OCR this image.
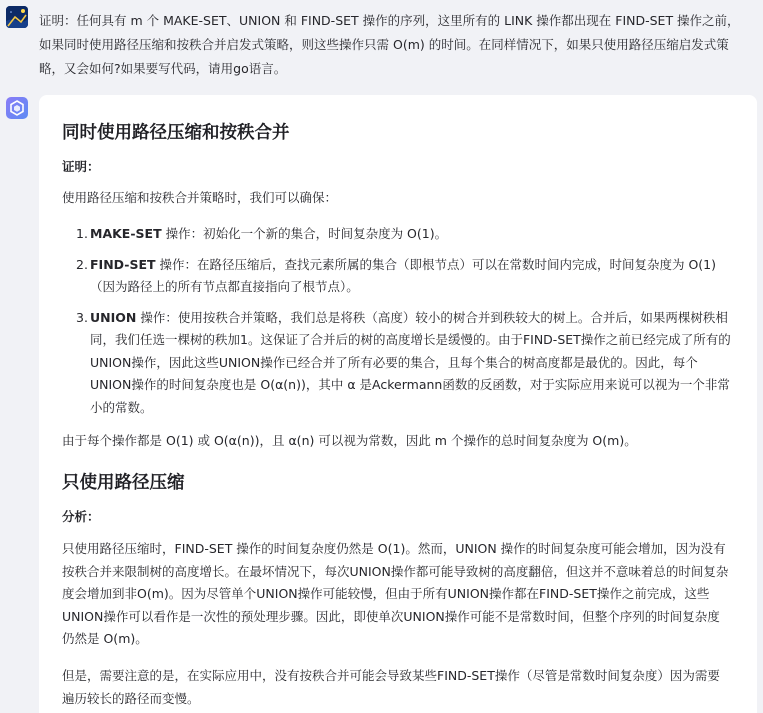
证明：任何具有 m 个 MAKE-SET、UNION 和 FIND-SET 操作的序列，这里所有的 LINK 操作都出现在 FIND-SET 操作之前，如果同时使用路径压缩和按秩合并启发式策略，则这些操作只需 O(m) 的时间。在同样情况下，如果只使用路径压缩启发式策略，又会如何?如果要写代码，请用go语言。
同时使用路径压缩和按秩合并
证明：
使用路径压缩和按秩合并策略时，我们可以确保：
1. MAKE-SET 操作：初始化一个新的集合，时间复杂度为 O(1)。
2. FIND-SET 操作：在路径压缩后，查找元素所属的集合（即根节点）可以在常数时间内完成，时间复杂度为 O(1)（因为路径上的所有节点都直接指向了根节点）。
3. UNION 操作：使用按秩合并策略，我们总是将秩（高度）较小的树合并到秩较大的树上。合并后，如果两棵树秩相同，我们任选一棵树的秩加1。这保证了合并后的树的高度增长是缓慢的。由于FIND-SET操作之前已经完成了所有的UNION操作，因此这些UNION操作已经合并了所有必要的集合，且每个集合的树高度都是最优的。因此，每个UNION操作的时间复杂度也是 O(α(n))，其中 α 是Ackermann函数的反函数，对于实际应用来说可以视为一个非常小的常数。
由于每个操作都是 O(1) 或 O(α(n))，且 α(n) 可以视为常数，因此 m 个操作的总时间复杂度为 O(m)。
只使用路径压缩
分析：
只使用路径压缩时，FIND-SET 操作的时间复杂度仍然是 O(1)。然而，UNION 操作的时间复杂度可能会增加，因为没有按秩合并来限制树的高度增长。在最坏情况下，每次UNION操作都可能导致树的高度翻倍，但这并不意味着总的时间复杂度会增加到非O(m)。因为尽管单个UNION操作可能较慢，但由于所有UNION操作都在FIND-SET操作之前完成，这些UNION操作可以看作是一次性的预处理步骤。因此，即使单次UNION操作可能不是常数时间，但整个序列的时间复杂度仍然是 O(m)。
但是，需要注意的是，在实际应用中，没有按秩合并可能会导致某些FIND-SET操作（尽管是常数时间复杂度）因为需要遍历较长的路径而变慢。
